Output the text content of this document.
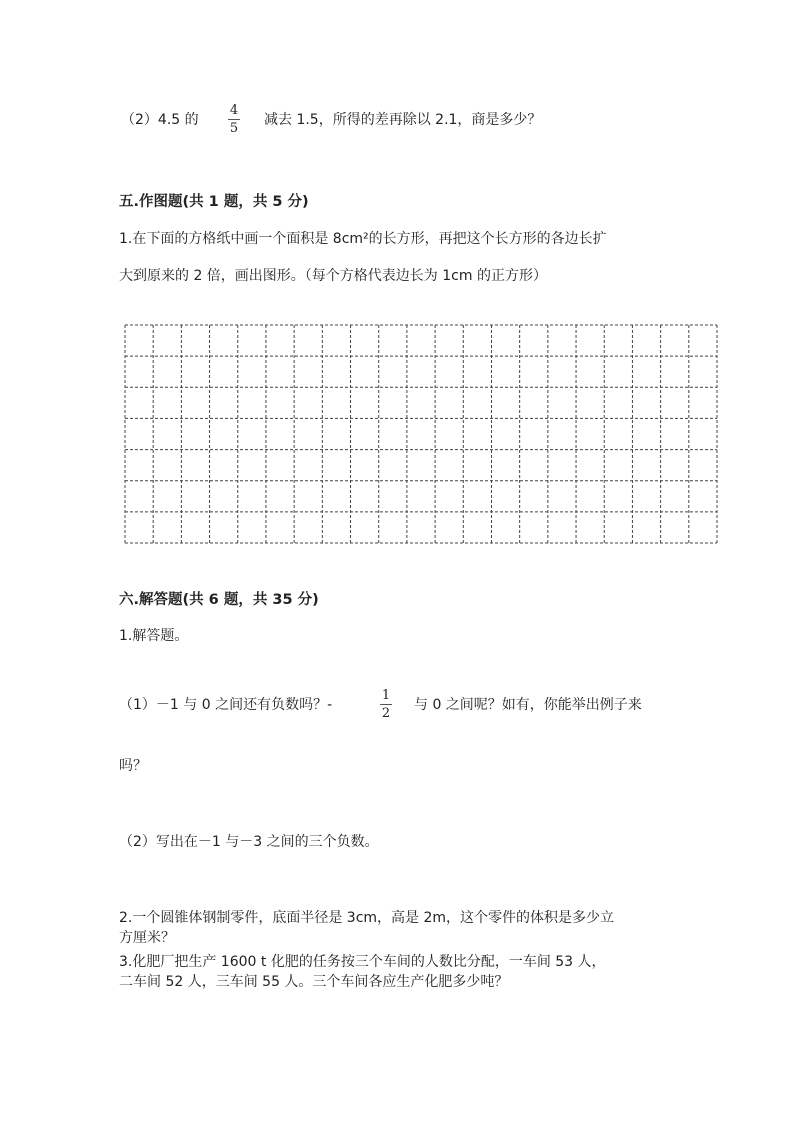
（2）4.5 的
4
5
减去 1.5，所得的差再除以 2.1，商是多少？
五.作图题(共 1 题，共 5 分)
1.在下面的方格纸中画一个面积是 8cm²的长方形，再把这个长方形的各边长扩
大到原来的 2 倍，画出图形。（每个方格代表边长为 1cm 的正方形）
六.解答题(共 6 题，共 35 分)
1.解答题。
（1）－1 与 0 之间还有负数吗？-
1
2
与 0 之间呢？如有，你能举出例子来
吗？
（2）写出在－1 与－3 之间的三个负数。
2.一个圆锥体钢制零件，底面半径是 3cm，高是 2m，这个零件的体积是多少立
方厘米？
3.化肥厂把生产 1600 t 化肥的任务按三个车间的人数比分配，一车间 53 人，
二车间 52 人，三车间 55 人。三个车间各应生产化肥多少吨？
